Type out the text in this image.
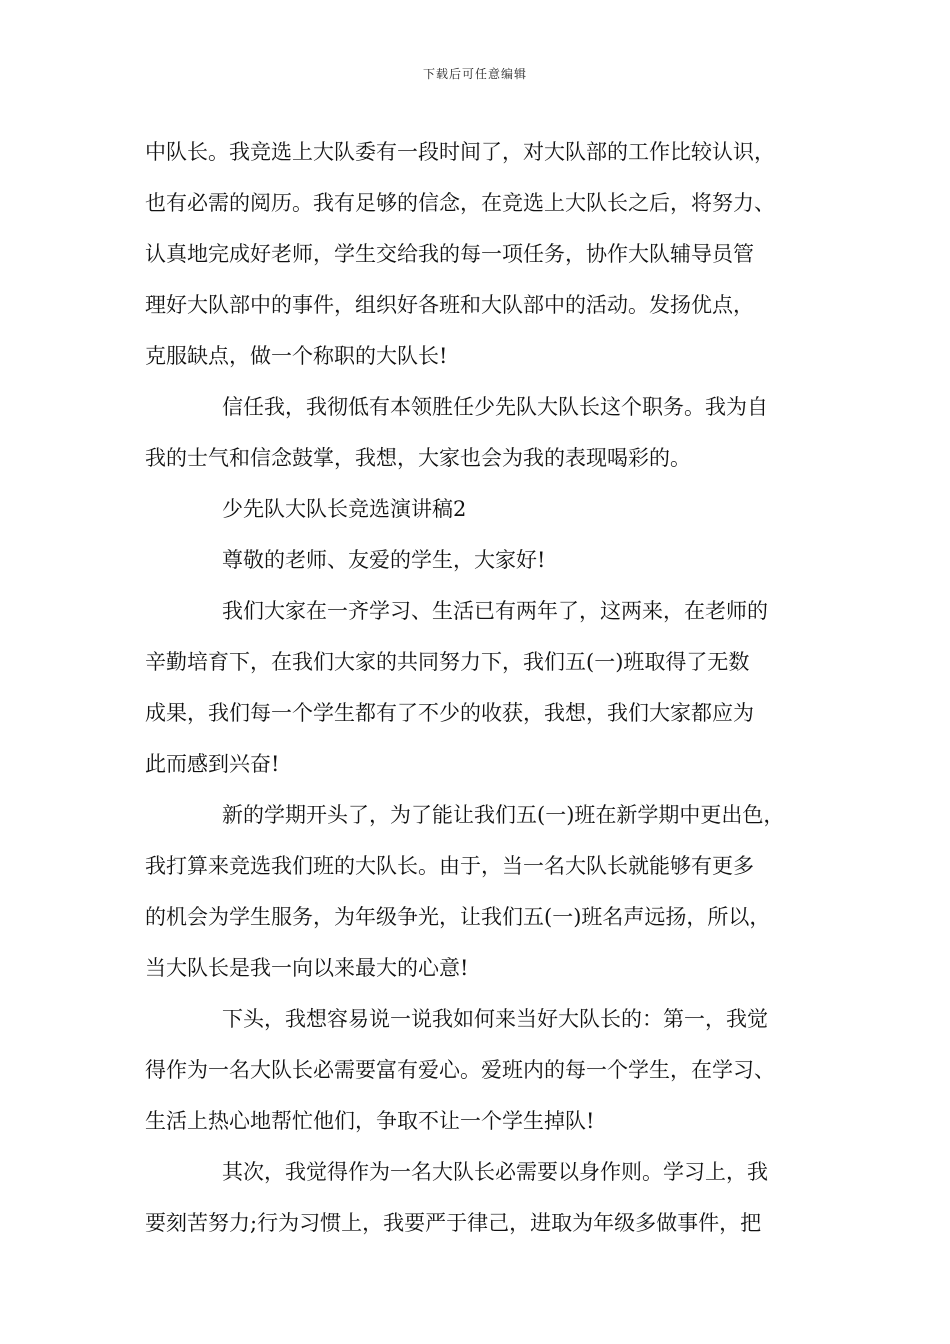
下载后可任意编辑
中队长。我竞选上大队委有一段时间了，对大队部的工作比较认识，
也有必需的阅历。我有足够的信念，在竞选上大队长之后，将努力、
认真地完成好老师，学生交给我的每一项任务，协作大队辅导员管
理好大队部中的事件，组织好各班和大队部中的活动。发扬优点，
克服缺点，做一个称职的大队长!
信任我，我彻低有本领胜任少先队大队长这个职务。我为自
我的士气和信念鼓掌，我想，大家也会为我的表现喝彩的。
少先队大队长竞选演讲稿2
尊敬的老师、友爱的学生，大家好!
我们大家在一齐学习、生活已有两年了，这两来，在老师的
辛勤培育下，在我们大家的共同努力下，我们五(一)班取得了无数
成果，我们每一个学生都有了不少的收获，我想，我们大家都应为
此而感到兴奋!
新的学期开头了，为了能让我们五(一)班在新学期中更出色，
我打算来竞选我们班的大队长。由于，当一名大队长就能够有更多
的机会为学生服务，为年级争光，让我们五(一)班名声远扬，所以，
当大队长是我一向以来最大的心意!
下头，我想容易说一说我如何来当好大队长的：第一，我觉
得作为一名大队长必需要富有爱心。爱班内的每一个学生，在学习、
生活上热心地帮忙他们，争取不让一个学生掉队!
其次，我觉得作为一名大队长必需要以身作则。学习上，我
要刻苦努力;行为习惯上，我要严于律己，进取为年级多做事件，把
